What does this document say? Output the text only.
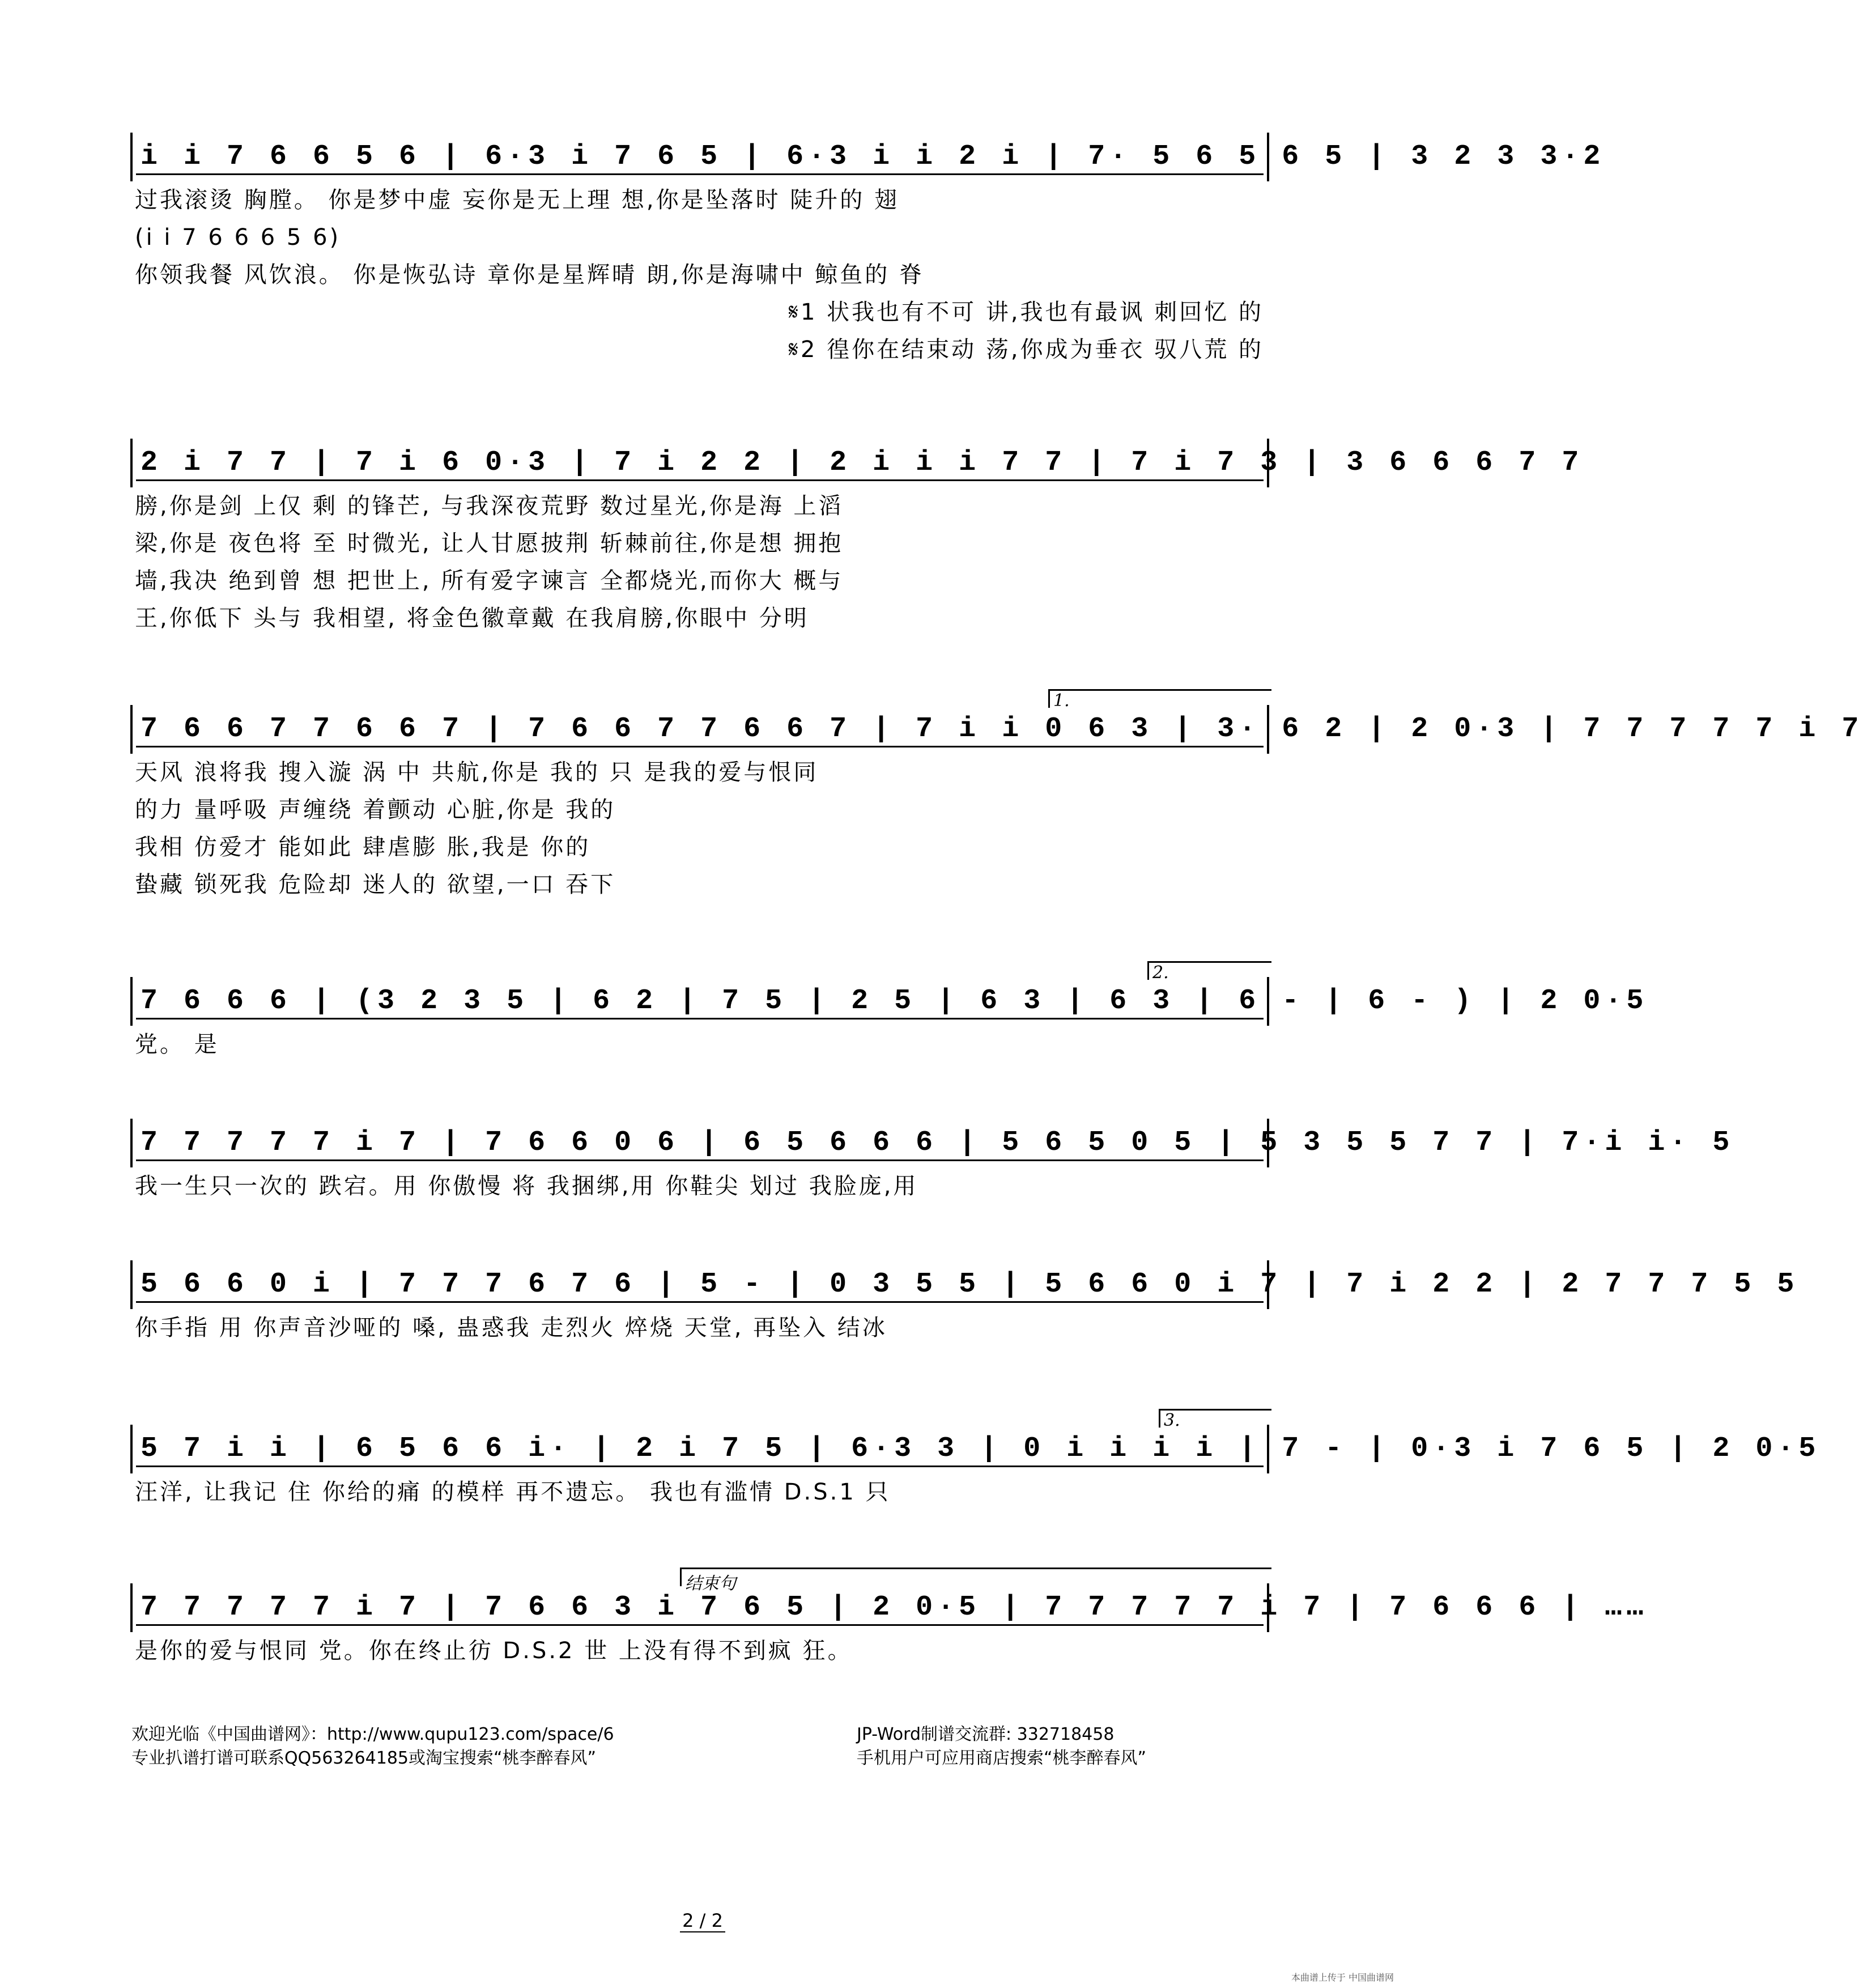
i i 7 6 6 5 6 | 6·3 i 7 6 5 | 6·3 i i 2 i | 7· 5 6 5 6 5 | 3 2 3 3·2
过我滚烫 胸膛。 你是梦中虚 妄你是无上理 想,你是坠落时 陡升的 翅
(i i 7 6 6 6 5 6)
你领我餐 风饮浪。 你是恢弘诗 章你是星辉晴 朗,你是海啸中 鲸鱼的 脊
𝄋1 状我也有不可 讲,我也有最讽 刺回忆 的
𝄋2 徨你在结束动 荡,你成为垂衣 驭八荒 的
2 i 7 7 | 7 i 6 0·3 | 7 i 2 2 | 2 i i i 7 7 | 7 i 7 3 | 3 6 6 6 7 7
膀,你是剑 上仅 剩 的锋芒, 与我深夜荒野 数过星光,你是海 上滔
梁,你是 夜色将 至 时微光, 让人甘愿披荆 斩棘前往,你是想 拥抱
墙,我决 绝到曾 想 把世上, 所有爱字谏言 全都烧光,而你大 概与
王,你低下 头与 我相望, 将金色徽章戴 在我肩膀,你眼中 分明
1.
7 6 6 7 7 6 6 7 | 7 6 6 7 7 6 6 7 | 7 i i 0 6 3 | 3· 6 2 | 2 0·3 | 7 7 7 7 7 i 7
天风 浪将我 搜入漩 涡 中 共航,你是 我的 只 是我的爱与恨同
的力 量呼吸 声缠绕 着颤动 心脏,你是 我的
我相 仿爱才 能如此 肆虐膨 胀,我是 你的
蛰藏 锁死我 危险却 迷人的 欲望,一口 吞下
2.
7 6 6 6 | (3 2 3 5 | 6 2 | 7 5 | 2 5 | 6 3 | 6 3 | 6 - | 6 - ) | 2 0·5
党。 是
7 7 7 7 7 i 7 | 7 6 6 0 6 | 6 5 6 6 6 | 5 6 5 0 5 | 5 3 5 5 7 7 | 7·i i· 5
我一生只一次的 跌宕。用 你傲慢 将 我捆绑,用 你鞋尖 划过 我脸庞,用
5 6 6 0 i | 7 7 7 6 7 6 | 5 - | 0 3 5 5 | 5 6 6 0 i 7 | 7 i 2 2 | 2 7 7 7 5 5
你手指 用 你声音沙哑的 嗓, 蛊惑我 走烈火 焠烧 天堂, 再坠入 结冰
3.
5 7 i i | 6 5 6 6 i· | 2 i 7 5 | 6·3 3 | 0 i i i i | 7 - | 0·3 i 7 6 5 | 2 0·5
汪洋, 让我记 住 你给的痛 的模样 再不遗忘。 我也有滥情 D.S.1 只
结束句
7 7 7 7 7 i 7 | 7 6 6 3 i 7 6 5 | 2 0·5 | 7 7 7 7 7 i 7 | 7 6 6 6 | ……
是你的爱与恨同 党。你在终止彷 D.S.2 世 上没有得不到疯 狂。
欢迎光临《中国曲谱网》：http://www.qupu123.com/space/6	JP-Word制谱交流群: 332718458
专业扒谱打谱可联系QQ563264185或淘宝搜索“桃李醉春风”	手机用户可应用商店搜索“桃李醉春风”
2 / 2
本曲谱上传于 中国曲谱网
